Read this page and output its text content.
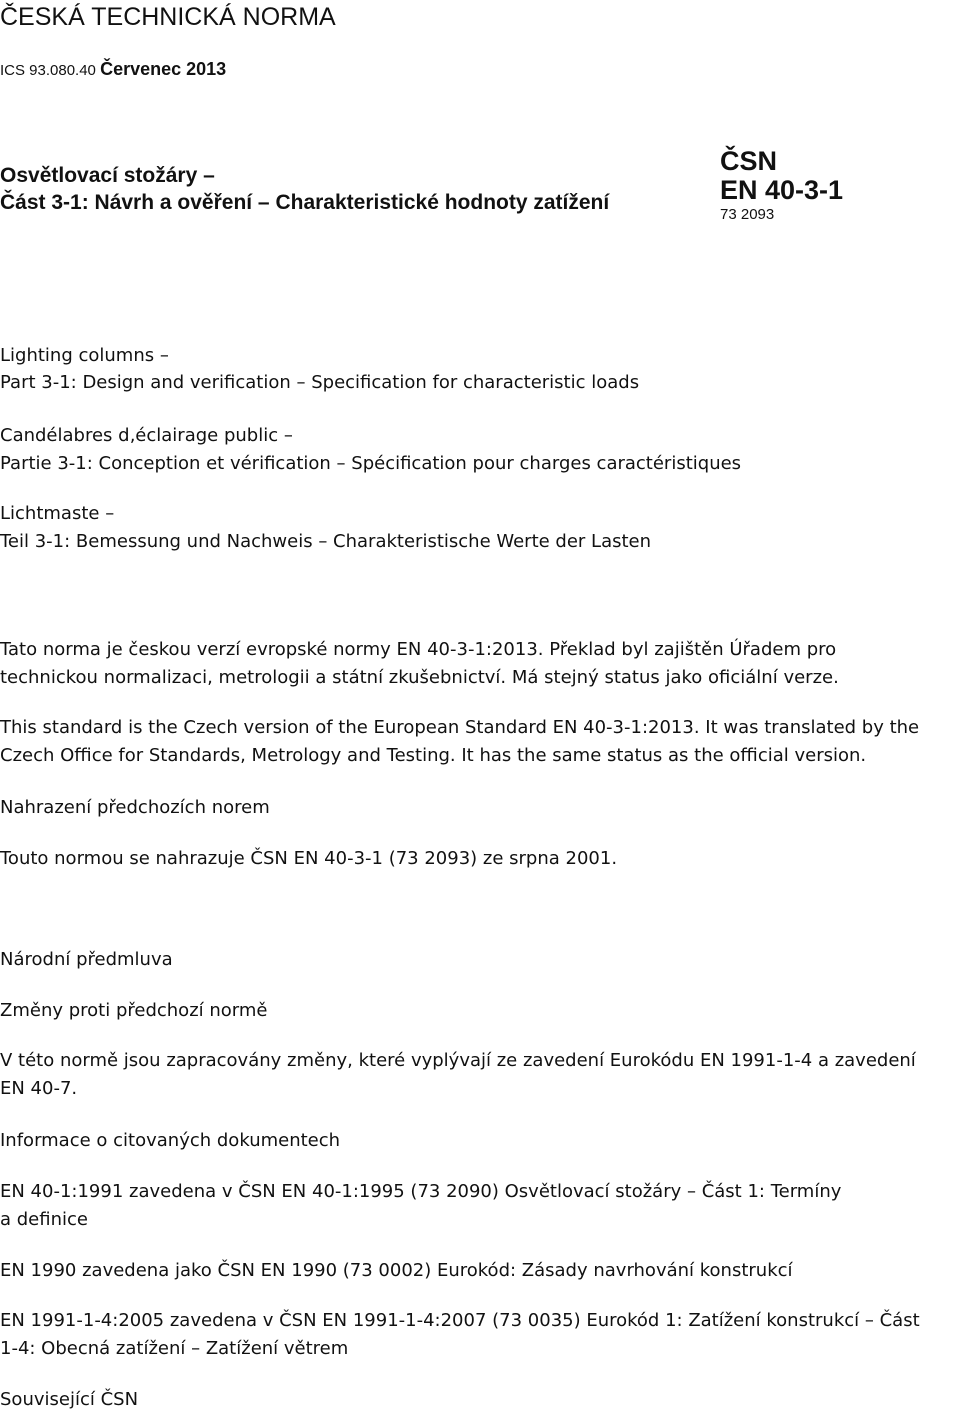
ČESKÁ TECHNICKÁ NORMA
ICS 93.080.40 Červenec 2013
Osvětlovací stožáry –
Část 3-1: Návrh a ověření – Charakteristické hodnoty zatížení
ČSN
EN 40-3-1
73 2093
Lighting columns –
Part 3-1: Design and verification – Specification for characteristic loads
Candélabres d‚éclairage public –
Partie 3-1: Conception et vérification – Spécification pour charges caractéristiques
Lichtmaste –
Teil 3-1: Bemessung und Nachweis – Charakteristische Werte der Lasten
Tato norma je českou verzí evropské normy EN 40-3-1:2013. Překlad byl zajištěn Úřadem pro
technickou normalizaci, metrologii a státní zkušebnictví. Má stejný status jako oficiální verze.
This standard is the Czech version of the European Standard EN 40-3-1:2013. It was translated by the
Czech Office for Standards, Metrology and Testing. It has the same status as the official version.
Nahrazení předchozích norem
Touto normou se nahrazuje ČSN EN 40-3-1 (73 2093) ze srpna 2001.
Národní předmluva
Změny proti předchozí normě
V této normě jsou zapracovány změny, které vyplývají ze zavedení Eurokódu EN 1991-1-4 a zavedení
EN 40-7.
Informace o citovaných dokumentech
EN 40-1:1991 zavedena v ČSN EN 40-1:1995 (73 2090) Osvětlovací stožáry – Část 1: Termíny
a definice
EN 1990 zavedena jako ČSN EN 1990 (73 0002) Eurokód: Zásady navrhování konstrukcí
EN 1991-1-4:2005 zavedena v ČSN EN 1991-1-4:2007 (73 0035) Eurokód 1: Zatížení konstrukcí – Část
1-4: Obecná zatížení – Zatížení větrem
Související ČSN
